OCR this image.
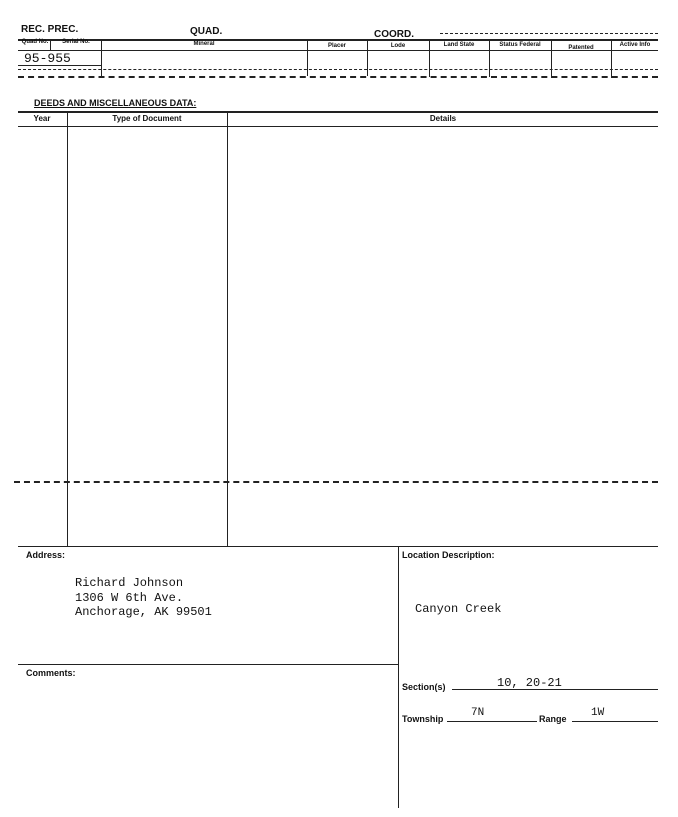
REC. PREC.	QUAD.	COORD.
Quad No.	Serial No.	Mineral	Placer	Lode	Land State	Status Federal	Patented	Active Info
95-955
DEEDS AND MISCELLANEOUS DATA:
Year	Type of Document	Details
Address:
Richard Johnson
1306 W 6th Ave.
Anchorage, AK 99501
Location Description:
Canyon Creek
Comments:
Section(s)	10, 20-21
Township	7N	Range 1W
